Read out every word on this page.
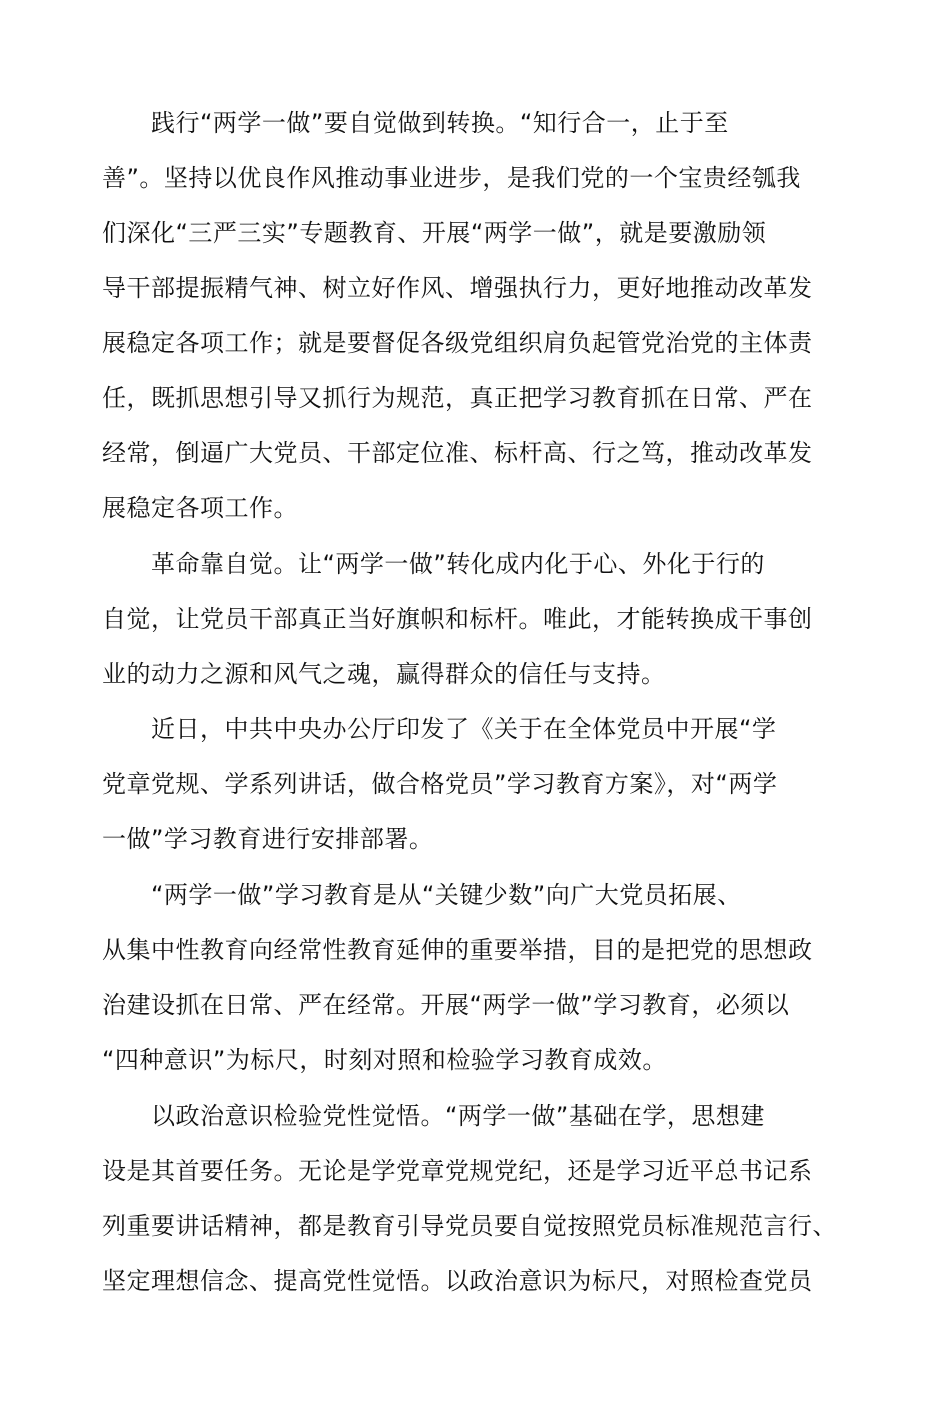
　　践行“两学一做”要自觉做到转换。“知行合一，止于至
善”。坚持以优良作风推动事业进步，是我们党的一个宝贵经瓠我
们深化“三严三实”专题教育、开展“两学一做”，就是要激励领
导干部提振精气神、树立好作风、增强执行力，更好地推动改革发
展稳定各项工作；就是要督促各级党组织肩负起管党治党的主体责
任，既抓思想引导又抓行为规范，真正把学习教育抓在日常、严在
经常，倒逼广大党员、干部定位准、标杆高、行之笃，推动改革发
展稳定各项工作。

　　革命靠自觉。让“两学一做”转化成内化于心、外化于行的
自觉，让党员干部真正当好旗帜和标杆。唯此，才能转换成干事创
业的动力之源和风气之魂，赢得群众的信任与支持。

　　近日，中共中央办公厅印发了《关于在全体党员中开展“学
党章党规、学系列讲话，做合格党员”学习教育方案》，对“两学
一做”学习教育进行安排部署。

　　“两学一做”学习教育是从“关键少数”向广大党员拓展、
从集中性教育向经常性教育延伸的重要举措，目的是把党的思想政
治建设抓在日常、严在经常。开展“两学一做”学习教育，必须以
“四种意识”为标尺，时刻对照和检验学习教育成效。

　　以政治意识检验党性觉悟。“两学一做”基础在学，思想建
设是其首要任务。无论是学党章党规党纪，还是学习近平总书记系
列重要讲话精神，都是教育引导党员要自觉按照党员标准规范言行、
坚定理想信念、提高党性觉悟。以政治意识为标尺，对照检查党员
